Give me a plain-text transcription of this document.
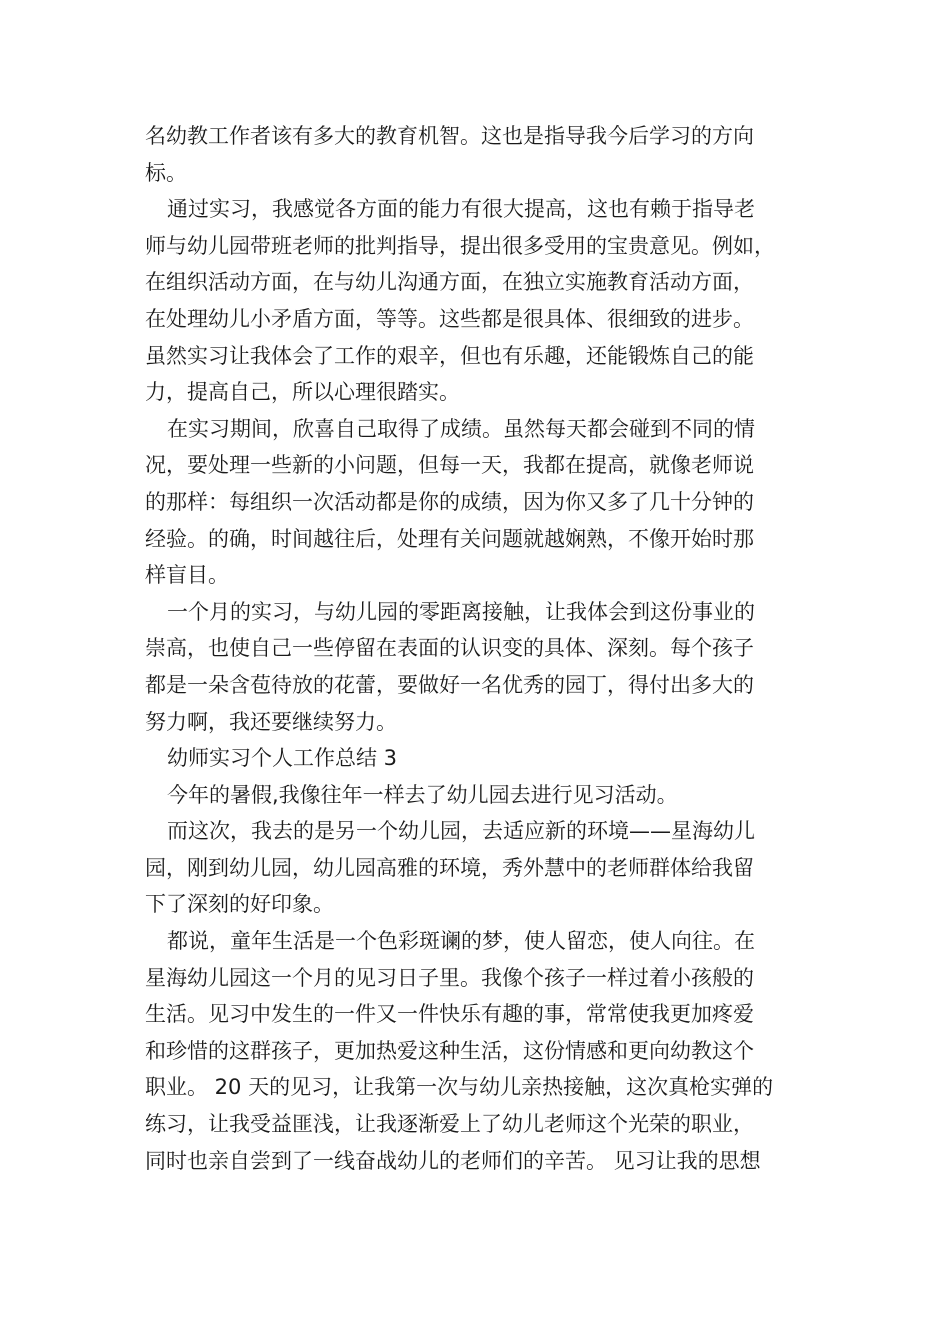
名幼教工作者该有多大的教育机智。这也是指导我今后学习的方向
标。
通过实习，我感觉各方面的能力有很大提高，这也有赖于指导老
师与幼儿园带班老师的批判指导，提出很多受用的宝贵意见。例如，
在组织活动方面，在与幼儿沟通方面，在独立实施教育活动方面，
在处理幼儿小矛盾方面，等等。这些都是很具体、很细致的进步。
虽然实习让我体会了工作的艰辛，但也有乐趣，还能锻炼自己的能
力，提高自己，所以心理很踏实。
在实习期间，欣喜自己取得了成绩。虽然每天都会碰到不同的情
况，要处理一些新的小问题，但每一天，我都在提高，就像老师说
的那样：每组织一次活动都是你的成绩，因为你又多了几十分钟的
经验。的确，时间越往后，处理有关问题就越娴熟，不像开始时那
样盲目。
一个月的实习，与幼儿园的零距离接触，让我体会到这份事业的
崇高，也使自己一些停留在表面的认识变的具体、深刻。每个孩子
都是一朵含苞待放的花蕾，要做好一名优秀的园丁，得付出多大的
努力啊，我还要继续努力。
幼师实习个人工作总结 3
今年的暑假,我像往年一样去了幼儿园去进行见习活动。
而这次，我去的是另一个幼儿园，去适应新的环境——星海幼儿
园，刚到幼儿园，幼儿园高雅的环境，秀外慧中的老师群体给我留
下了深刻的好印象。
都说，童年生活是一个色彩斑谰的梦，使人留恋，使人向往。在
星海幼儿园这一个月的见习日子里。我像个孩子一样过着小孩般的
生活。见习中发生的一件又一件快乐有趣的事，常常使我更加疼爱
和珍惜的这群孩子，更加热爱这种生活，这份情感和更向幼教这个
职业。 20 天的见习，让我第一次与幼儿亲热接触，这次真枪实弹的
练习，让我受益匪浅，让我逐渐爱上了幼儿老师这个光荣的职业，
同时也亲自尝到了一线奋战幼儿的老师们的辛苦。 见习让我的思想
